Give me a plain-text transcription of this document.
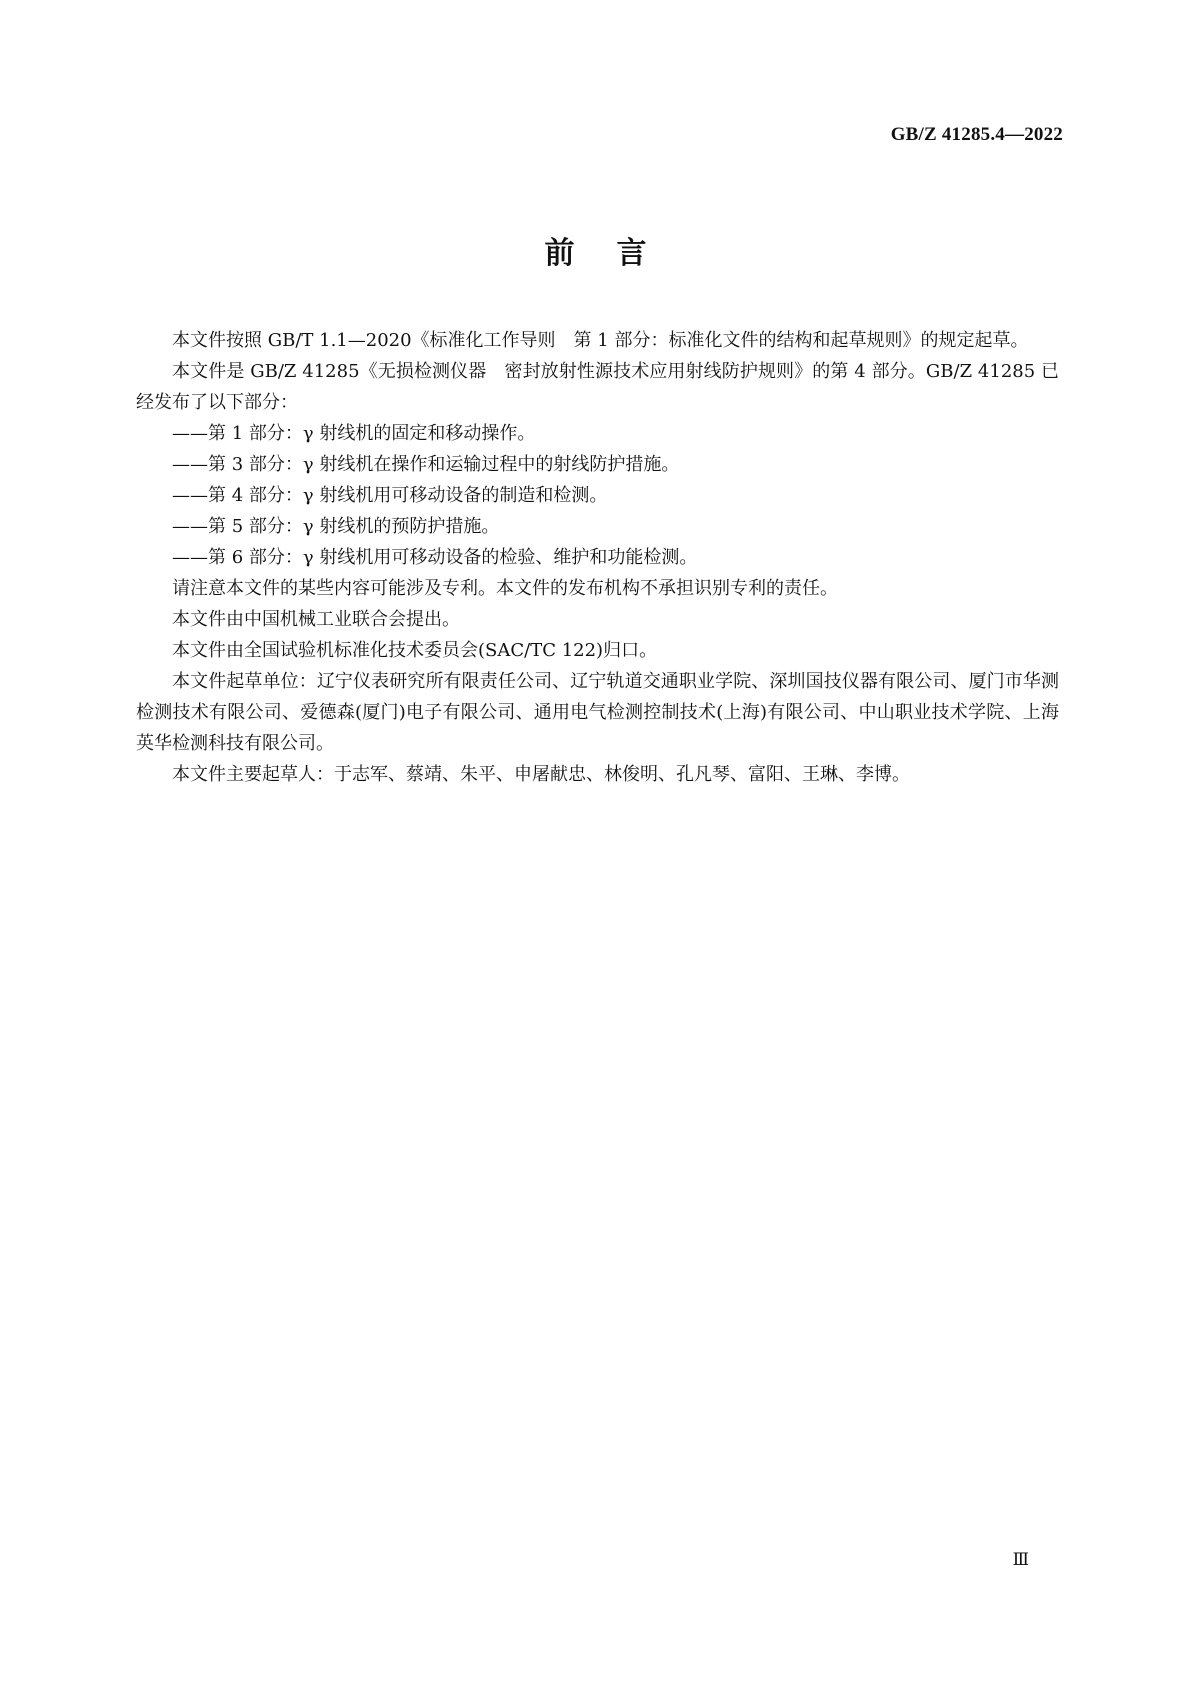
GB/Z 41285.4—2022
前言

本文件按照 GB/T 1.1—2020《标准化工作导则　第 1 部分：标准化文件的结构和起草规则》的规定起草。

本文件是 GB/Z 41285《无损检测仪器　密封放射性源技术应用射线防护规则》的第 4 部分。GB/Z 41285 已经发布了以下部分：

——第 1 部分：γ 射线机的固定和移动操作。

——第 3 部分：γ 射线机在操作和运输过程中的射线防护措施。

——第 4 部分：γ 射线机用可移动设备的制造和检测。

——第 5 部分：γ 射线机的预防护措施。

——第 6 部分：γ 射线机用可移动设备的检验、维护和功能检测。

请注意本文件的某些内容可能涉及专利。本文件的发布机构不承担识别专利的责任。

本文件由中国机械工业联合会提出。

本文件由全国试验机标准化技术委员会(SAC/TC 122)归口。

本文件起草单位：辽宁仪表研究所有限责任公司、辽宁轨道交通职业学院、深圳国技仪器有限公司、厦门市华测检测技术有限公司、爱德森(厦门)电子有限公司、通用电气检测控制技术(上海)有限公司、中山职业技术学院、上海英华检测科技有限公司。

本文件主要起草人：于志军、蔡靖、朱平、申屠献忠、林俊明、孔凡琴、富阳、王琳、李博。

Ⅲ
